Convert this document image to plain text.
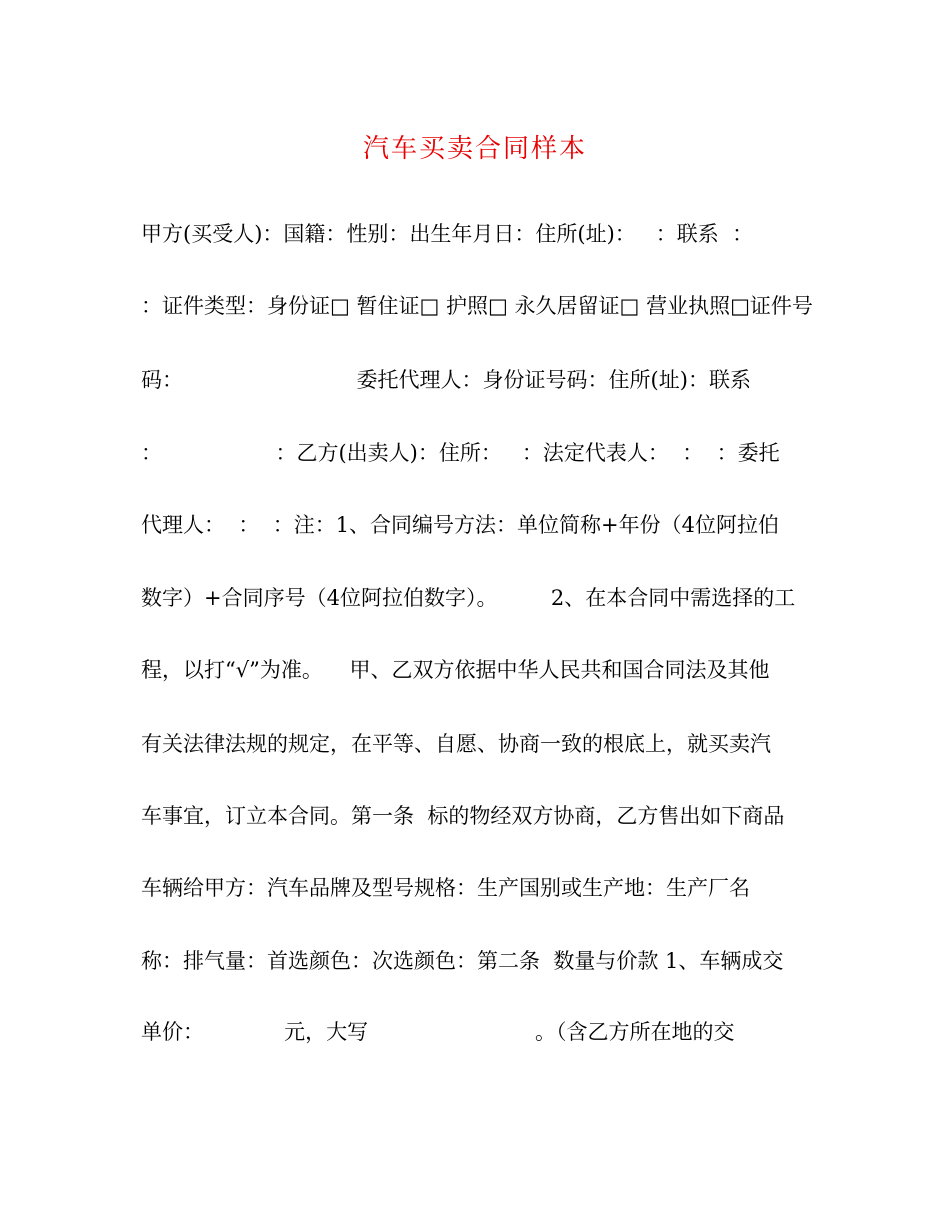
汽车买卖合同样本

甲方(买受人)：国籍：性别：出生年月日：住所(址)：   ：联系  ：

：证件类型：身份证□ 暂住证□ 护照□ 永久居留证□ 营业执照□证件号

码：                          委托代理人：身份证号码：住所(址)：联系

：                 ：乙方(出卖人)：住所：   ：法定代表人：  ：  ：委托

代理人：  ：  ：注：1、合同编号方法：单位简称+年份（4位阿拉伯

数字）+合同序号（4位阿拉伯数字）。        2、在本合同中需选择的工

程，以打“√”为准。    甲、乙双方依据中华人民共和国合同法及其他

有关法律法规的规定，在平等、自愿、协商一致的根底上，就买卖汽

车事宜，订立本合同。第一条  标的物经双方协商，乙方售出如下商品

车辆给甲方：汽车品牌及型号规格：生产国别或生产地：生产厂名

称：排气量：首选颜色：次选颜色：第二条  数量与价款 1、车辆成交

单价：            元，大写                         。（含乙方所在地的交
